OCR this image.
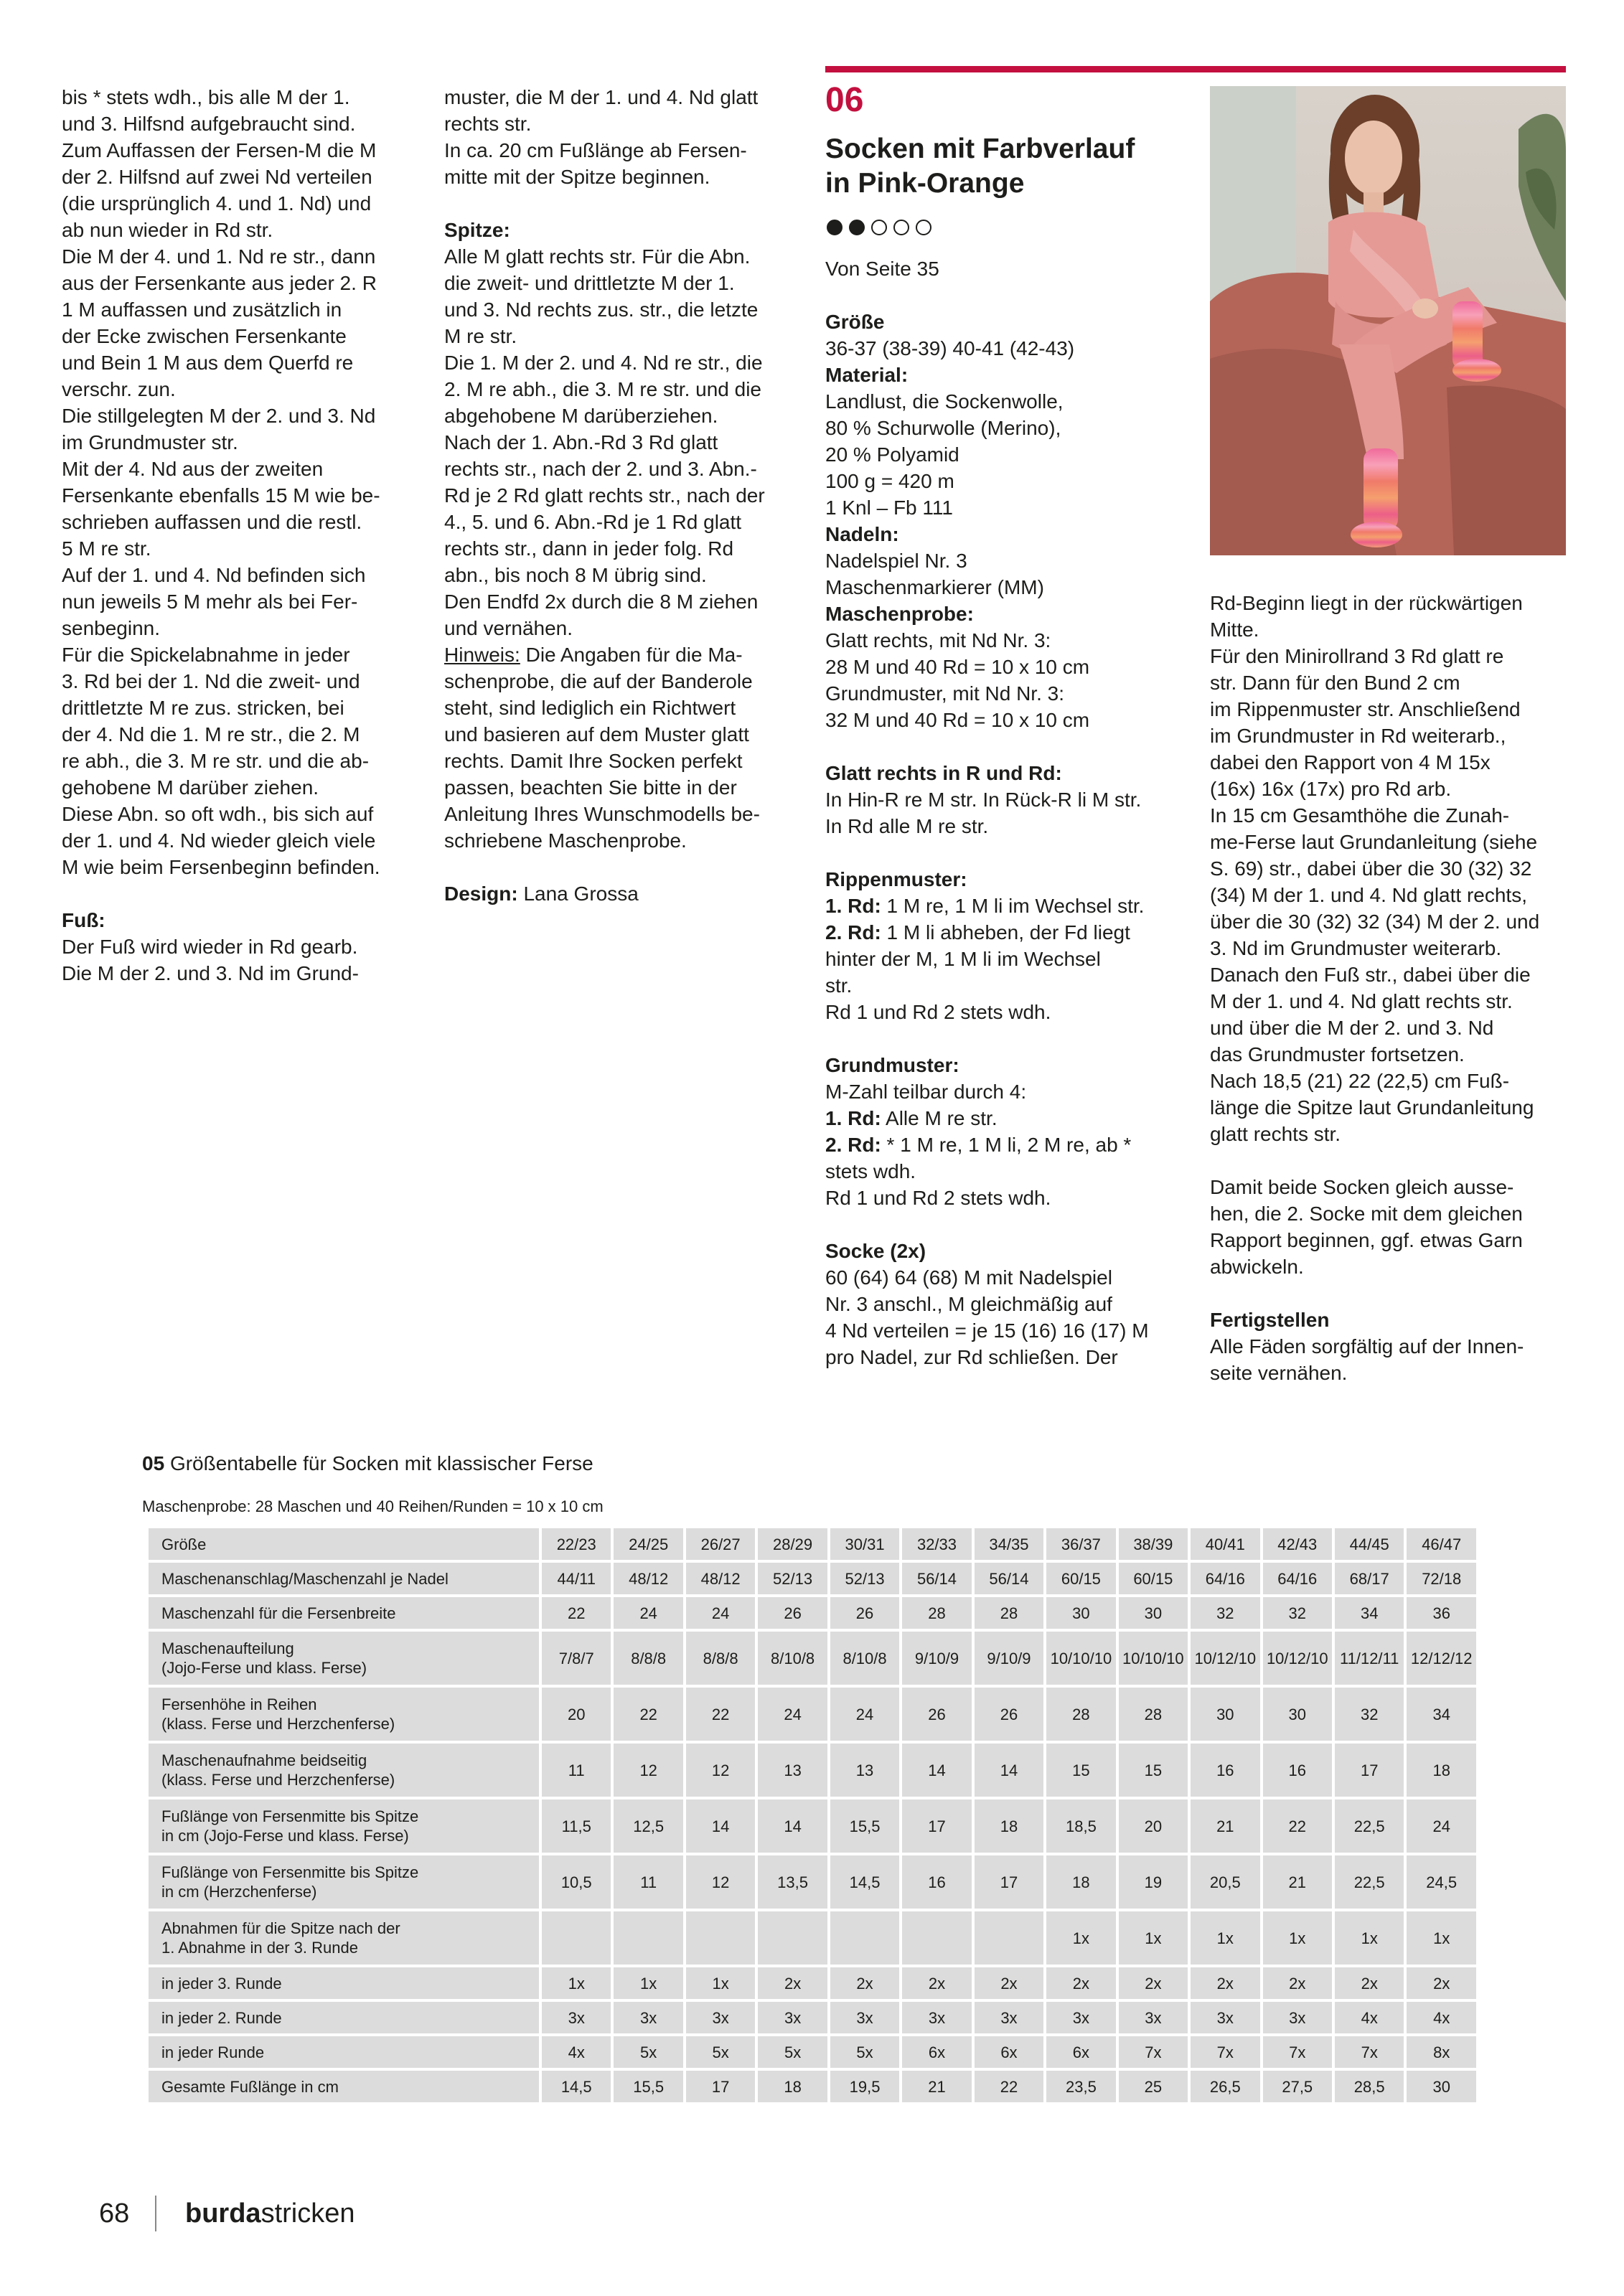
bis * stets wdh., bis alle M der 1.
und 3. Hilfsnd aufgebraucht sind.
Zum Auffassen der Fersen-M die M
der 2. Hilfsnd auf zwei Nd verteilen
(die ursprünglich 4. und 1. Nd) und
ab nun wieder in Rd str.
Die M der 4. und 1. Nd re str., dann
aus der Fersenkante aus jeder 2. R
1 M auffassen und zusätzlich in
der Ecke zwischen Fersenkante
und Bein 1 M aus dem Querfd re
verschr. zun.
Die stillgelegten M der 2. und 3. Nd
im Grundmuster str.
Mit der 4. Nd aus der zweiten
Fersenkante ebenfalls 15 M wie be-
schrieben auffassen und die restl.
5 M re str.
Auf der 1. und 4. Nd befinden sich
nun jeweils 5 M mehr als bei Fer-
senbeginn.
Für die Spickelabnahme in jeder
3. Rd bei der 1. Nd die zweit- und
drittletzte M re zus. stricken, bei
der 4. Nd die 1. M re str., die 2. M
re abh., die 3. M re str. und die ab-
gehobene M darüber ziehen.
Diese Abn. so oft wdh., bis sich auf
der 1. und 4. Nd wieder gleich viele
M wie beim Fersenbeginn befinden.

Fuß:

Der Fuß wird wieder in Rd gearb.
Die M der 2. und 3. Nd im Grund-

muster, die M der 1. und 4. Nd glatt
rechts str.
In ca. 20 cm Fußlänge ab Fersen-
mitte mit der Spitze beginnen.

Spitze:

Alle M glatt rechts str. Für die Abn.
die zweit- und drittletzte M der 1.
und 3. Nd rechts zus. str., die letzte
M re str.
Die 1. M der 2. und 4. Nd re str., die
2. M re abh., die 3. M re str. und die
abgehobene M darüberziehen.
Nach der 1. Abn.-Rd 3 Rd glatt
rechts str., nach der 2. und 3. Abn.-
Rd je 2 Rd glatt rechts str., nach der
4., 5. und 6. Abn.-Rd je 1 Rd glatt
rechts str., dann in jeder folg. Rd
abn., bis noch 8 M übrig sind.
Den Endfd 2x durch die 8 M ziehen
und vernähen.

Hinweis: Die Angaben für die Ma-
schenprobe, die auf der Banderole
steht, sind lediglich ein Richtwert
und basieren auf dem Muster glatt
rechts. Damit Ihre Socken perfekt
passen, beachten Sie bitte in der
Anleitung Ihres Wunschmodells be-
schriebene Maschenprobe.

Design: Lana Grossa

06
Socken mit Farbverlauf
in Pink-Orange

Von Seite 35

Größe

36-37 (38-39) 40-41 (42-43)

Material:

Landlust, die Sockenwolle,
80 % Schurwolle (Merino),
20 % Polyamid
100 g = 420 m
1 Knl – Fb 111

Nadeln:

Nadelspiel Nr. 3
Maschenmarkierer (MM)

Maschenprobe:

Glatt rechts, mit Nd Nr. 3:
28 M und 40 Rd = 10 x 10 cm
Grundmuster, mit Nd Nr. 3:
32 M und 40 Rd = 10 x 10 cm

Glatt rechts in R und Rd:

In Hin-R re M str. In Rück-R li M str.
In Rd alle M re str.

Rippenmuster:

1. Rd: 1 M re, 1 M li im Wechsel str.

2. Rd: 1 M li abheben, der Fd liegt
hinter der M, 1 M li im Wechsel
str.

Rd 1 und Rd 2 stets wdh.

Grundmuster:

M-Zahl teilbar durch 4:

1. Rd: Alle M re str.

2. Rd: * 1 M re, 1 M li, 2 M re, ab *
stets wdh.

Rd 1 und Rd 2 stets wdh.

Socke (2x)

60 (64) 64 (68) M mit Nadelspiel
Nr. 3 anschl., M gleichmäßig auf
4 Nd verteilen = je 15 (16) 16 (17) M
pro Nadel, zur Rd schließen. Der

Rd-Beginn liegt in der rückwärtigen
Mitte.
Für den Minirollrand 3 Rd glatt re
str. Dann für den Bund 2 cm
im Rippenmuster str. Anschließend
im Grundmuster in Rd weiterarb.,
dabei den Rapport von 4 M 15x
(16x) 16x (17x) pro Rd arb.
In 15 cm Gesamthöhe die Zunah-
me-Ferse laut Grundanleitung (siehe
S. 69) str., dabei über die 30 (32) 32
(34) M der 1. und 4. Nd glatt rechts,
über die 30 (32) 32 (34) M der 2. und
3. Nd im Grundmuster weiterarb.
Danach den Fuß str., dabei über die
M der 1. und 4. Nd glatt rechts str.
und über die M der 2. und 3. Nd
das Grundmuster fortsetzen.
Nach 18,5 (21) 22 (22,5) cm Fuß-
länge die Spitze laut Grundanleitung
glatt rechts str.

Damit beide Socken gleich ausse-
hen, die 2. Socke mit dem gleichen
Rapport beginnen, ggf. etwas Garn
abwickeln.

Fertigstellen

Alle Fäden sorgfältig auf der Innen-
seite vernähen.

05 Größentabelle für Socken mit klassischer Ferse
Maschenprobe: 28 Maschen und 40 Reihen/Runden = 10 x 10 cm
Größe	22/23	24/25	26/27	28/29	30/31	32/33	34/35	36/37	38/39	40/41	42/43	44/45	46/47
Maschenanschlag/Maschenzahl je Nadel	44/11	48/12	48/12	52/13	52/13	56/14	56/14	60/15	60/15	64/16	64/16	68/17	72/18
Maschenzahl für die Fersenbreite	22	24	24	26	26	28	28	30	30	32	32	34	36
Maschenaufteilung
(Jojo-Ferse und klass. Ferse)	7/8/7	8/8/8	8/8/8	8/10/8	8/10/8	9/10/9	9/10/9	10/10/10	10/10/10	10/12/10	10/12/10	11/12/11	12/12/12
Fersenhöhe in Reihen
(klass. Ferse und Herzchenferse)	20	22	22	24	24	26	26	28	28	30	30	32	34
Maschenaufnahme beidseitig
(klass. Ferse und Herzchenferse)	11	12	12	13	13	14	14	15	15	16	16	17	18
Fußlänge von Fersenmitte bis Spitze
in cm (Jojo-Ferse und klass. Ferse)	11,5	12,5	14	14	15,5	17	18	18,5	20	21	22	22,5	24
Fußlänge von Fersenmitte bis Spitze
in cm (Herzchenferse)	10,5	11	12	13,5	14,5	16	17	18	19	20,5	21	22,5	24,5
Abnahmen für die Spitze nach der
1. Abnahme in der 3. Runde								1x	1x	1x	1x	1x	1x
in jeder 3. Runde	1x	1x	1x	2x	2x	2x	2x	2x	2x	2x	2x	2x	2x
in jeder 2. Runde	3x	3x	3x	3x	3x	3x	3x	3x	3x	3x	3x	4x	4x
in jeder Runde	4x	5x	5x	5x	5x	6x	6x	6x	7x	7x	7x	7x	8x
Gesamte Fußlänge in cm	14,5	15,5	17	18	19,5	21	22	23,5	25	26,5	27,5	28,5	30
68 burdastricken
